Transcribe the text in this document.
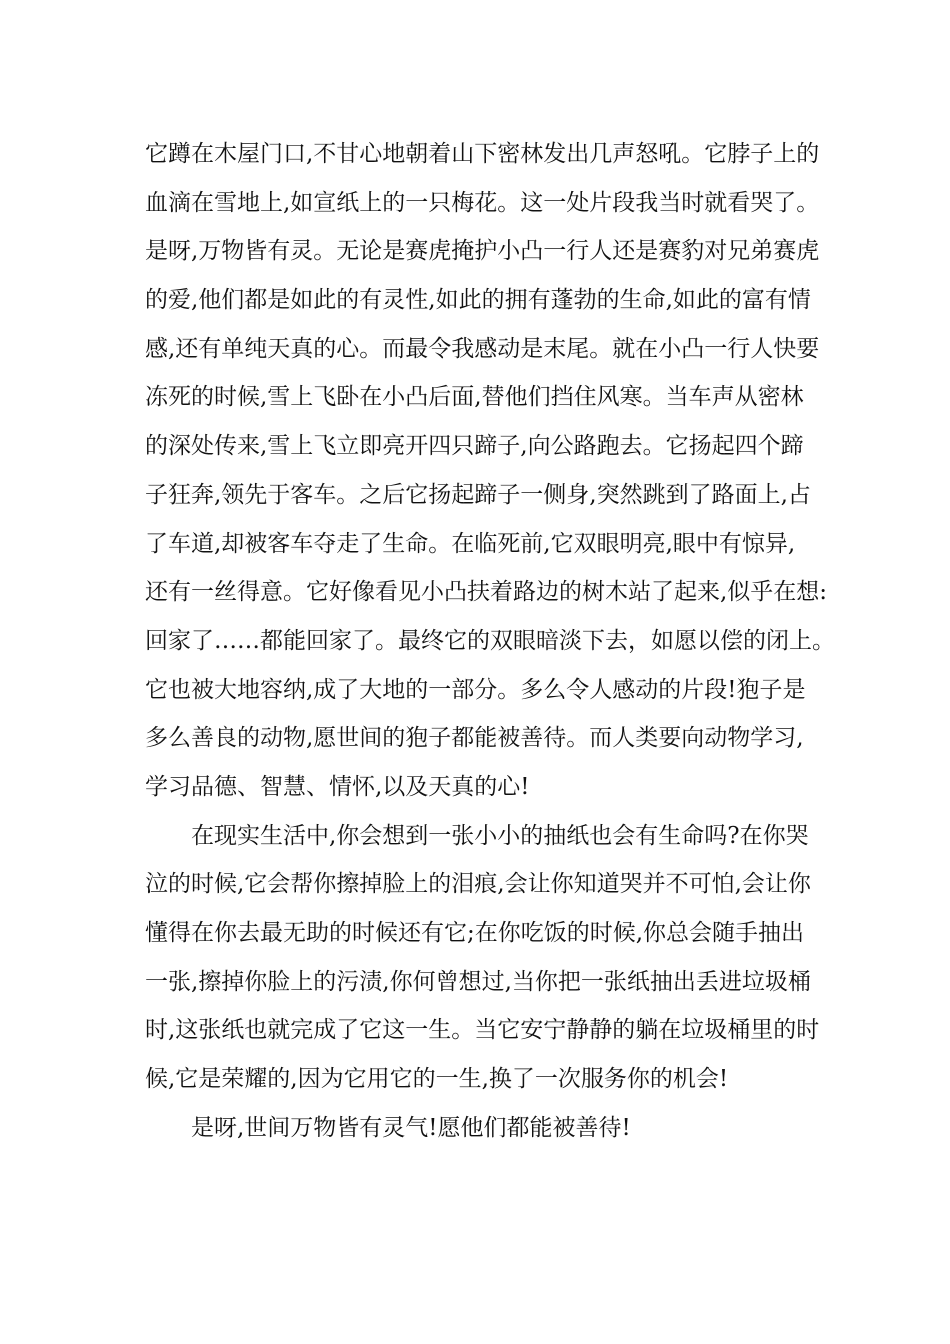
它蹲在木屋门口,不甘心地朝着山下密林发出几声怒吼。它脖子上的
血滴在雪地上,如宣纸上的一只梅花。这一处片段我当时就看哭了。
是呀,万物皆有灵。无论是赛虎掩护小凸一行人还是赛豹对兄弟赛虎
的爱,他们都是如此的有灵性,如此的拥有蓬勃的生命,如此的富有情
感,还有单纯天真的心。而最令我感动是末尾。就在小凸一行人快要
冻死的时候,雪上飞卧在小凸后面,替他们挡住风寒。当车声从密林
的深处传来,雪上飞立即亮开四只蹄子,向公路跑去。它扬起四个蹄
子狂奔,领先于客车。之后它扬起蹄子一侧身,突然跳到了路面上,占
了车道,却被客车夺走了生命。在临死前,它双眼明亮,眼中有惊异,
还有一丝得意。它好像看见小凸扶着路边的树木站了起来,似乎在想:
回家了……都能回家了。最终它的双眼暗淡下去，如愿以偿的闭上。
它也被大地容纳,成了大地的一部分。多么令人感动的片段!狍子是
多么善良的动物,愿世间的狍子都能被善待。而人类要向动物学习,
学习品德、智慧、情怀,以及天真的心!
在现实生活中,你会想到一张小小的抽纸也会有生命吗?在你哭
泣的时候,它会帮你擦掉脸上的泪痕,会让你知道哭并不可怕,会让你
懂得在你去最无助的时候还有它;在你吃饭的时候,你总会随手抽出
一张,擦掉你脸上的污渍,你何曾想过,当你把一张纸抽出丢进垃圾桶
时,这张纸也就完成了它这一生。当它安宁静静的躺在垃圾桶里的时
候,它是荣耀的,因为它用它的一生,换了一次服务你的机会!
是呀,世间万物皆有灵气!愿他们都能被善待!
